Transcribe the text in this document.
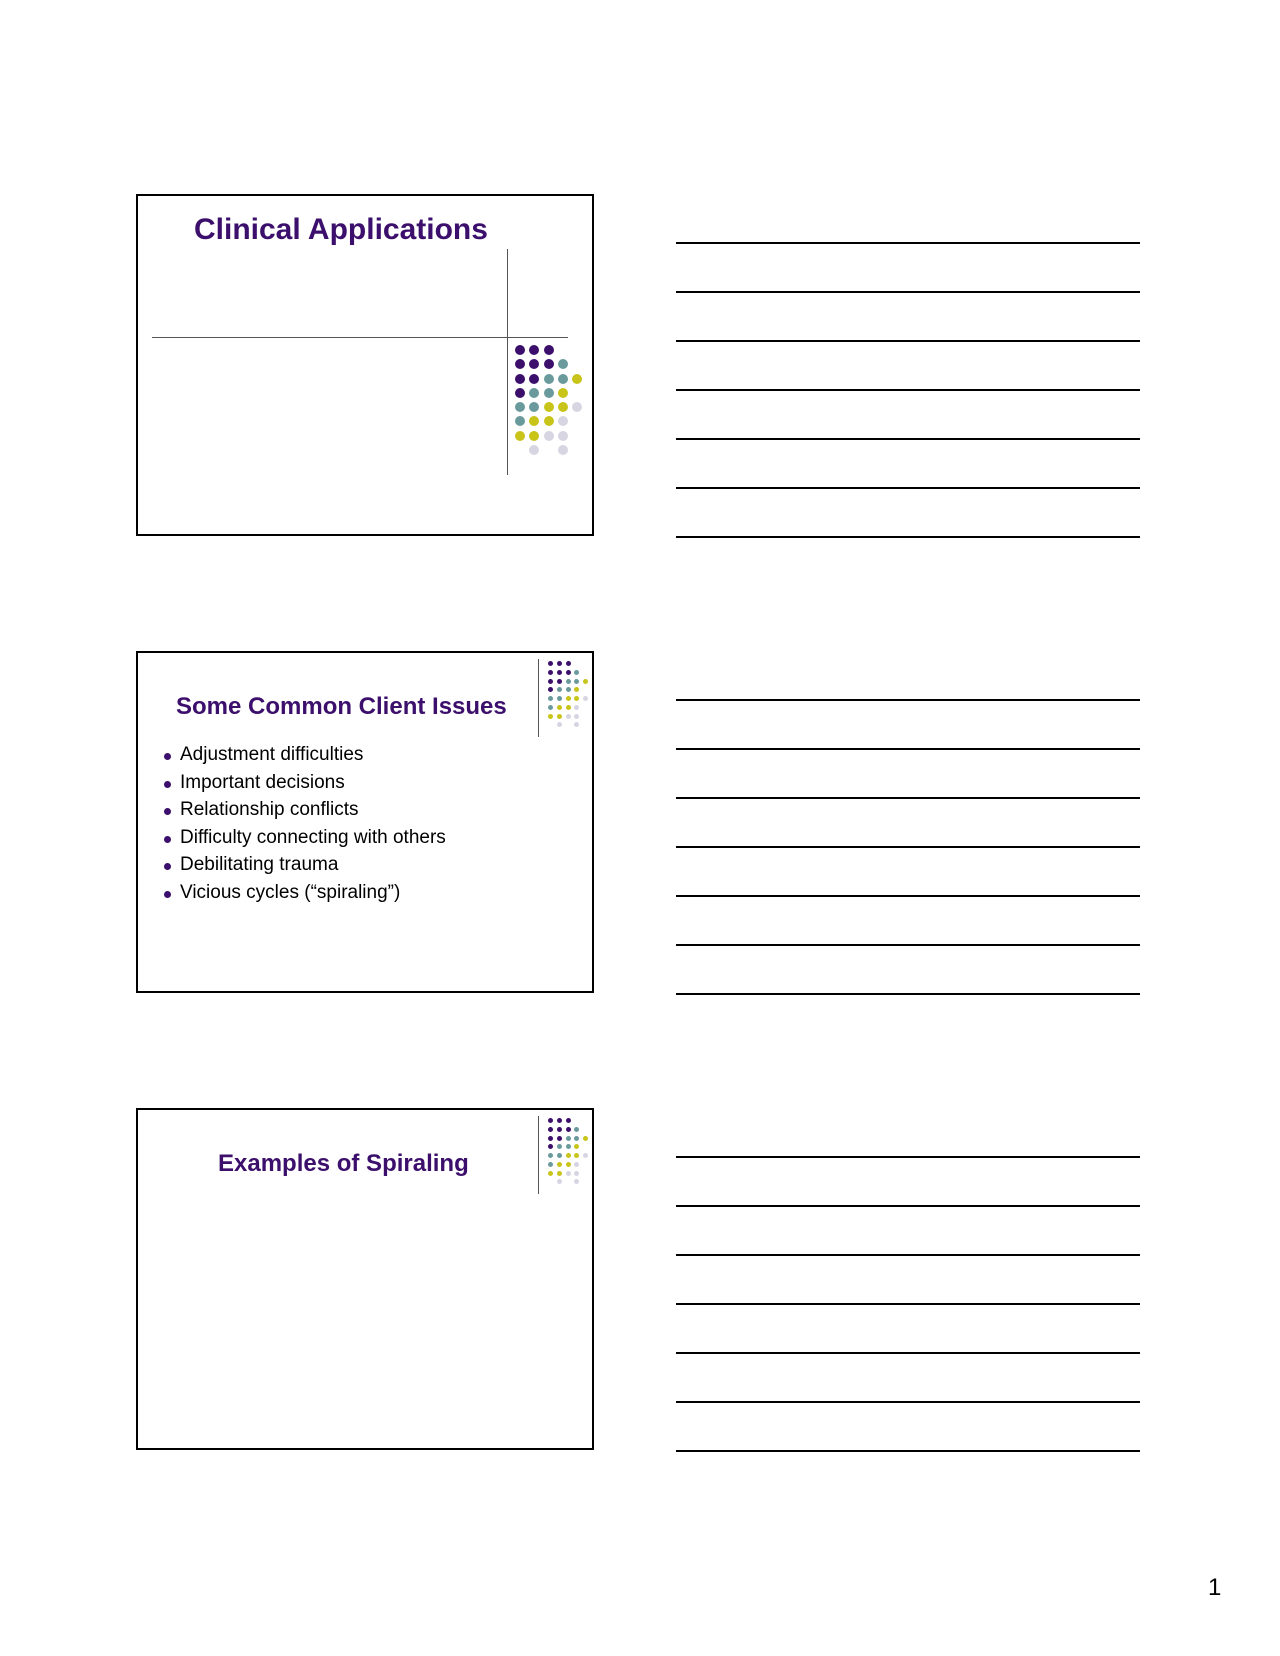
Clinical Applications
Some Common Client Issues
Adjustment difficulties
Important decisions
Relationship conflicts
Difficulty connecting with others
Debilitating trauma
Vicious cycles (“spiraling”)
Examples of Spiraling
1
